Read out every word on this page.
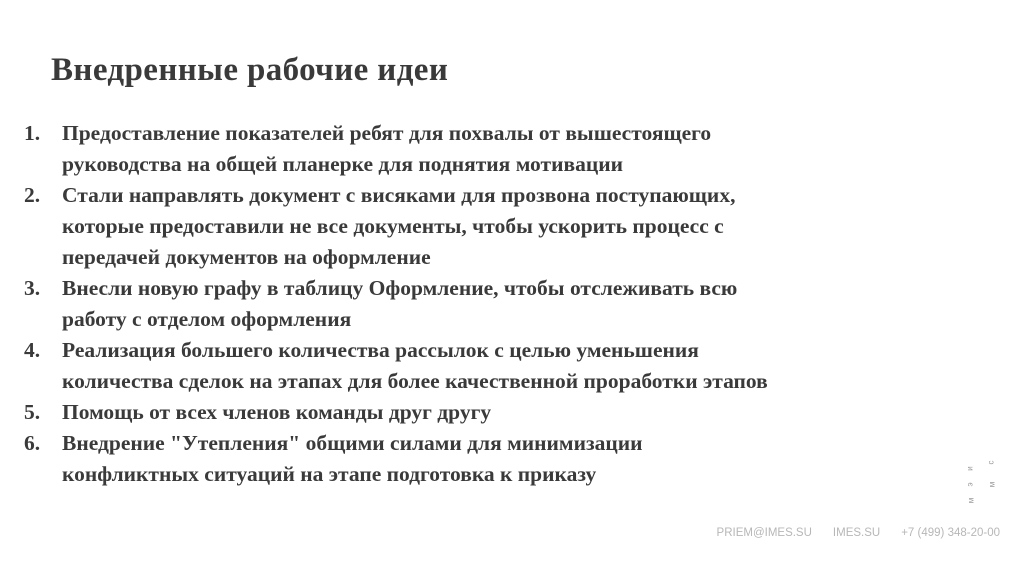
Внедренные рабочие идеи
1.	Предоставление показателей ребят для похвалы от вышестоящего
руководства на общей планерке для поднятия мотивации
2.	Стали направлять документ с висяками для прозвона поступающих,
которые предоставили не все документы, чтобы ускорить процесс с
передачей документов на оформление
3.	Внесли новую графу в таблицу Оформление, чтобы отслеживать всю
работу с отделом оформления
4.	Реализация большего количества рассылок с целью уменьшения
количества сделок на этапах для более качественной проработки этапов
5.	Помощь от всех членов команды друг другу
6.	Внедрение "Утепления" общими силами для минимизации
конфликтных ситуаций на этапе подготовка к приказу	с
м
и
э
м
PRIEM@IMES.SU IMES.SU +7 (499) 348-20-00
